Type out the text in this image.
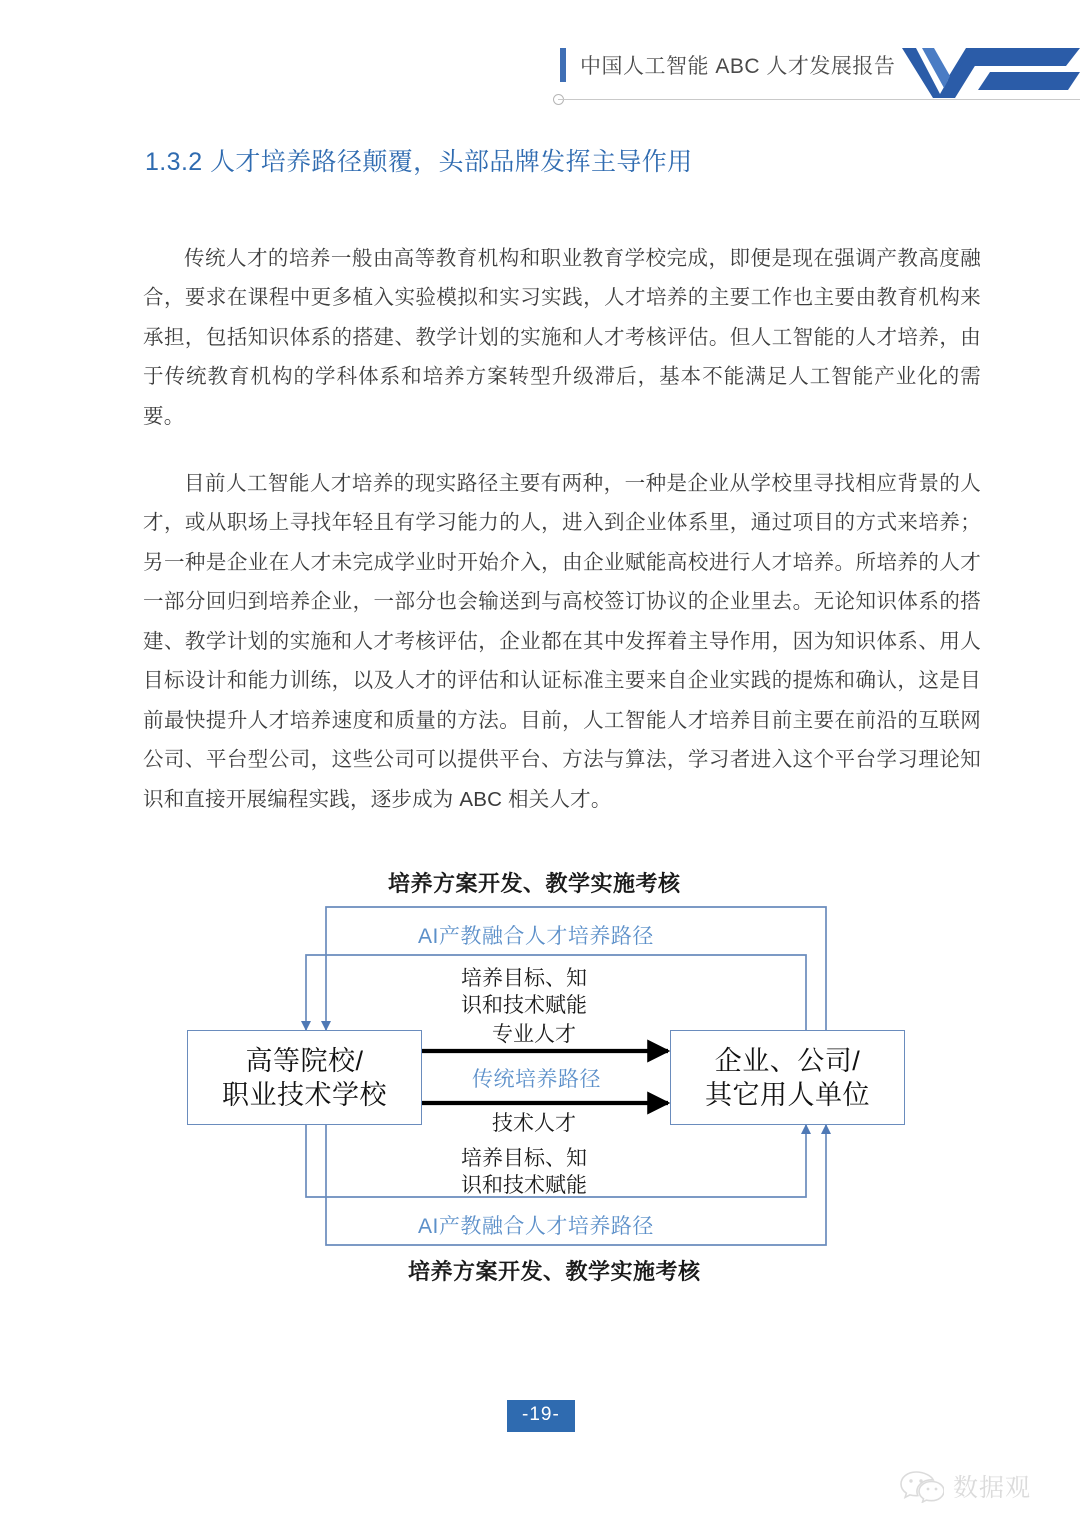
中国人工智能 ABC 人才发展报告
1.3.2 人才培养路径颠覆，头部品牌发挥主导作用

传统人才的培养一般由高等教育机构和职业教育学校完成，即便是现在强调产教高度融合，要求在课程中更多植入实验模拟和实习实践，人才培养的主要工作也主要由教育机构来承担，包括知识体系的搭建、教学计划的实施和人才考核评估。但人工智能的人才培养，由于传统教育机构的学科体系和培养方案转型升级滞后，基本不能满足人工智能产业化的需要。

目前人工智能人才培养的现实路径主要有两种，一种是企业从学校里寻找相应背景的人才，或从职场上寻找年轻且有学习能力的人，进入到企业体系里，通过项目的方式来培养；另一种是企业在人才未完成学业时开始介入，由企业赋能高校进行人才培养。所培养的人才一部分回归到培养企业，一部分也会输送到与高校签订协议的企业里去。无论知识体系的搭建、教学计划的实施和人才考核评估，企业都在其中发挥着主导作用，因为知识体系、用人目标设计和能力训练，以及人才的评估和认证标准主要来自企业实践的提炼和确认，这是目前最快提升人才培养速度和质量的方法。目前，人工智能人才培养目前主要在前沿的互联网公司、平台型公司，这些公司可以提供平台、方法与算法，学习者进入这个平台学习理论知识和直接开展编程实践，逐步成为 ABC 相关人才。

培养方案开发、教学实施考核
AI产教融合人才培养路径
培养目标、知
识和技术赋能
高等院校/
职业技术学校
企业、公司/
其它用人单位
专业人才
传统培养路径
技术人才
培养目标、知
识和技术赋能
AI产教融合人才培养路径
培养方案开发、教学实施考核
-19-
数据观
